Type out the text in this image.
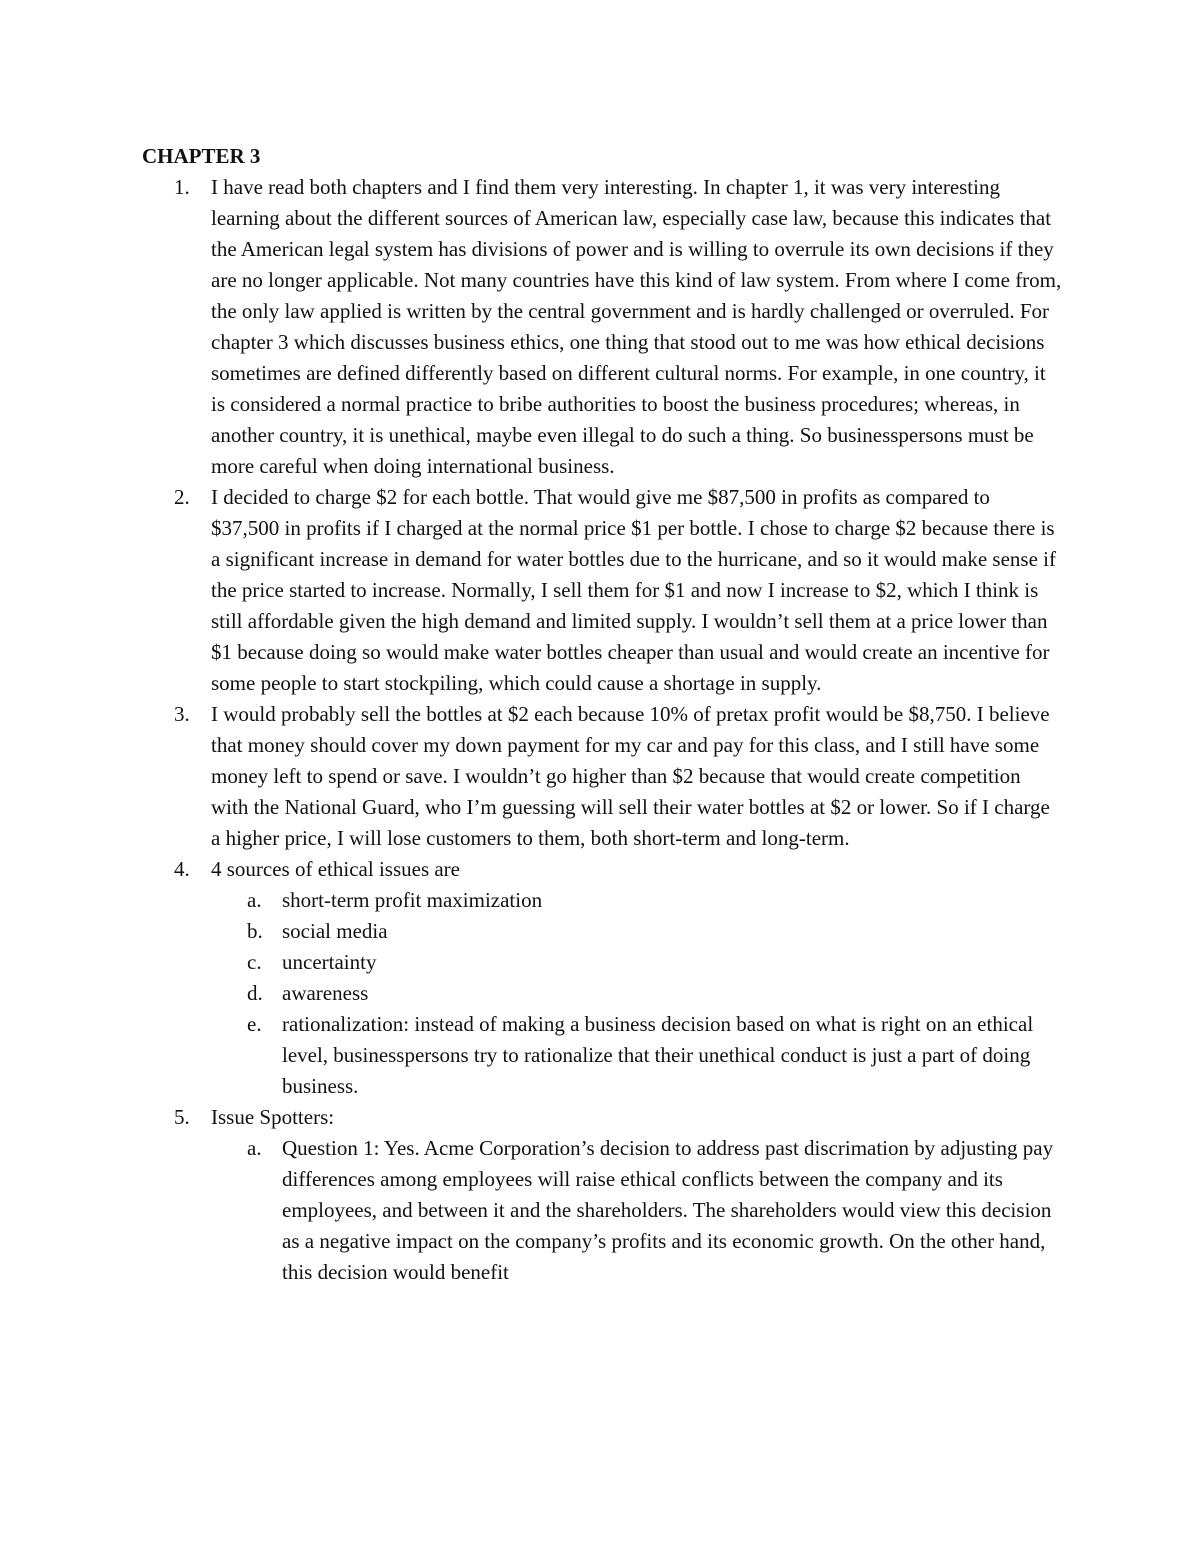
CHAPTER 3

1. I have read both chapters and I find them very interesting. In chapter 1, it was very interesting learning about the different sources of American law, especially case law, because this indicates that the American legal system has divisions of power and is willing to overrule its own decisions if they are no longer applicable. Not many countries have this kind of law system. From where I come from, the only law applied is written by the central government and is hardly challenged or overruled. For chapter 3 which discusses business ethics, one thing that stood out to me was how ethical decisions sometimes are defined differently based on different cultural norms. For example, in one country, it is considered a normal practice to bribe authorities to boost the business procedures; whereas, in another country, it is unethical, maybe even illegal to do such a thing. So businesspersons must be more careful when doing international business.

2. I decided to charge $2 for each bottle. That would give me $87,500 in profits as compared to $37,500 in profits if I charged at the normal price $1 per bottle. I chose to charge $2 because there is a significant increase in demand for water bottles due to the hurricane, and so it would make sense if the price started to increase. Normally, I sell them for $1 and now I increase to $2, which I think is still affordable given the high demand and limited supply. I wouldn’t sell them at a price lower than $1 because doing so would make water bottles cheaper than usual and would create an incentive for some people to start stockpiling, which could cause a shortage in supply.

3. I would probably sell the bottles at $2 each because 10% of pretax profit would be $8,750. I believe that money should cover my down payment for my car and pay for this class, and I still have some money left to spend or save. I wouldn’t go higher than $2 because that would create competition with the National Guard, who I’m guessing will sell their water bottles at $2 or lower. So if I charge a higher price, I will lose customers to them, both short-term and long-term.

4. 4 sources of ethical issues are

a. short-term profit maximization

b. social media

c. uncertainty

d. awareness

e. rationalization: instead of making a business decision based on what is right on an ethical level, businesspersons try to rationalize that their unethical conduct is just a part of doing business.

5. Issue Spotters:

a. Question 1: Yes. Acme Corporation’s decision to address past discrimation by adjusting pay differences among employees will raise ethical conflicts between the company and its employees, and between it and the shareholders. The shareholders would view this decision as a negative impact on the company’s profits and its economic growth. On the other hand, this decision would benefit
